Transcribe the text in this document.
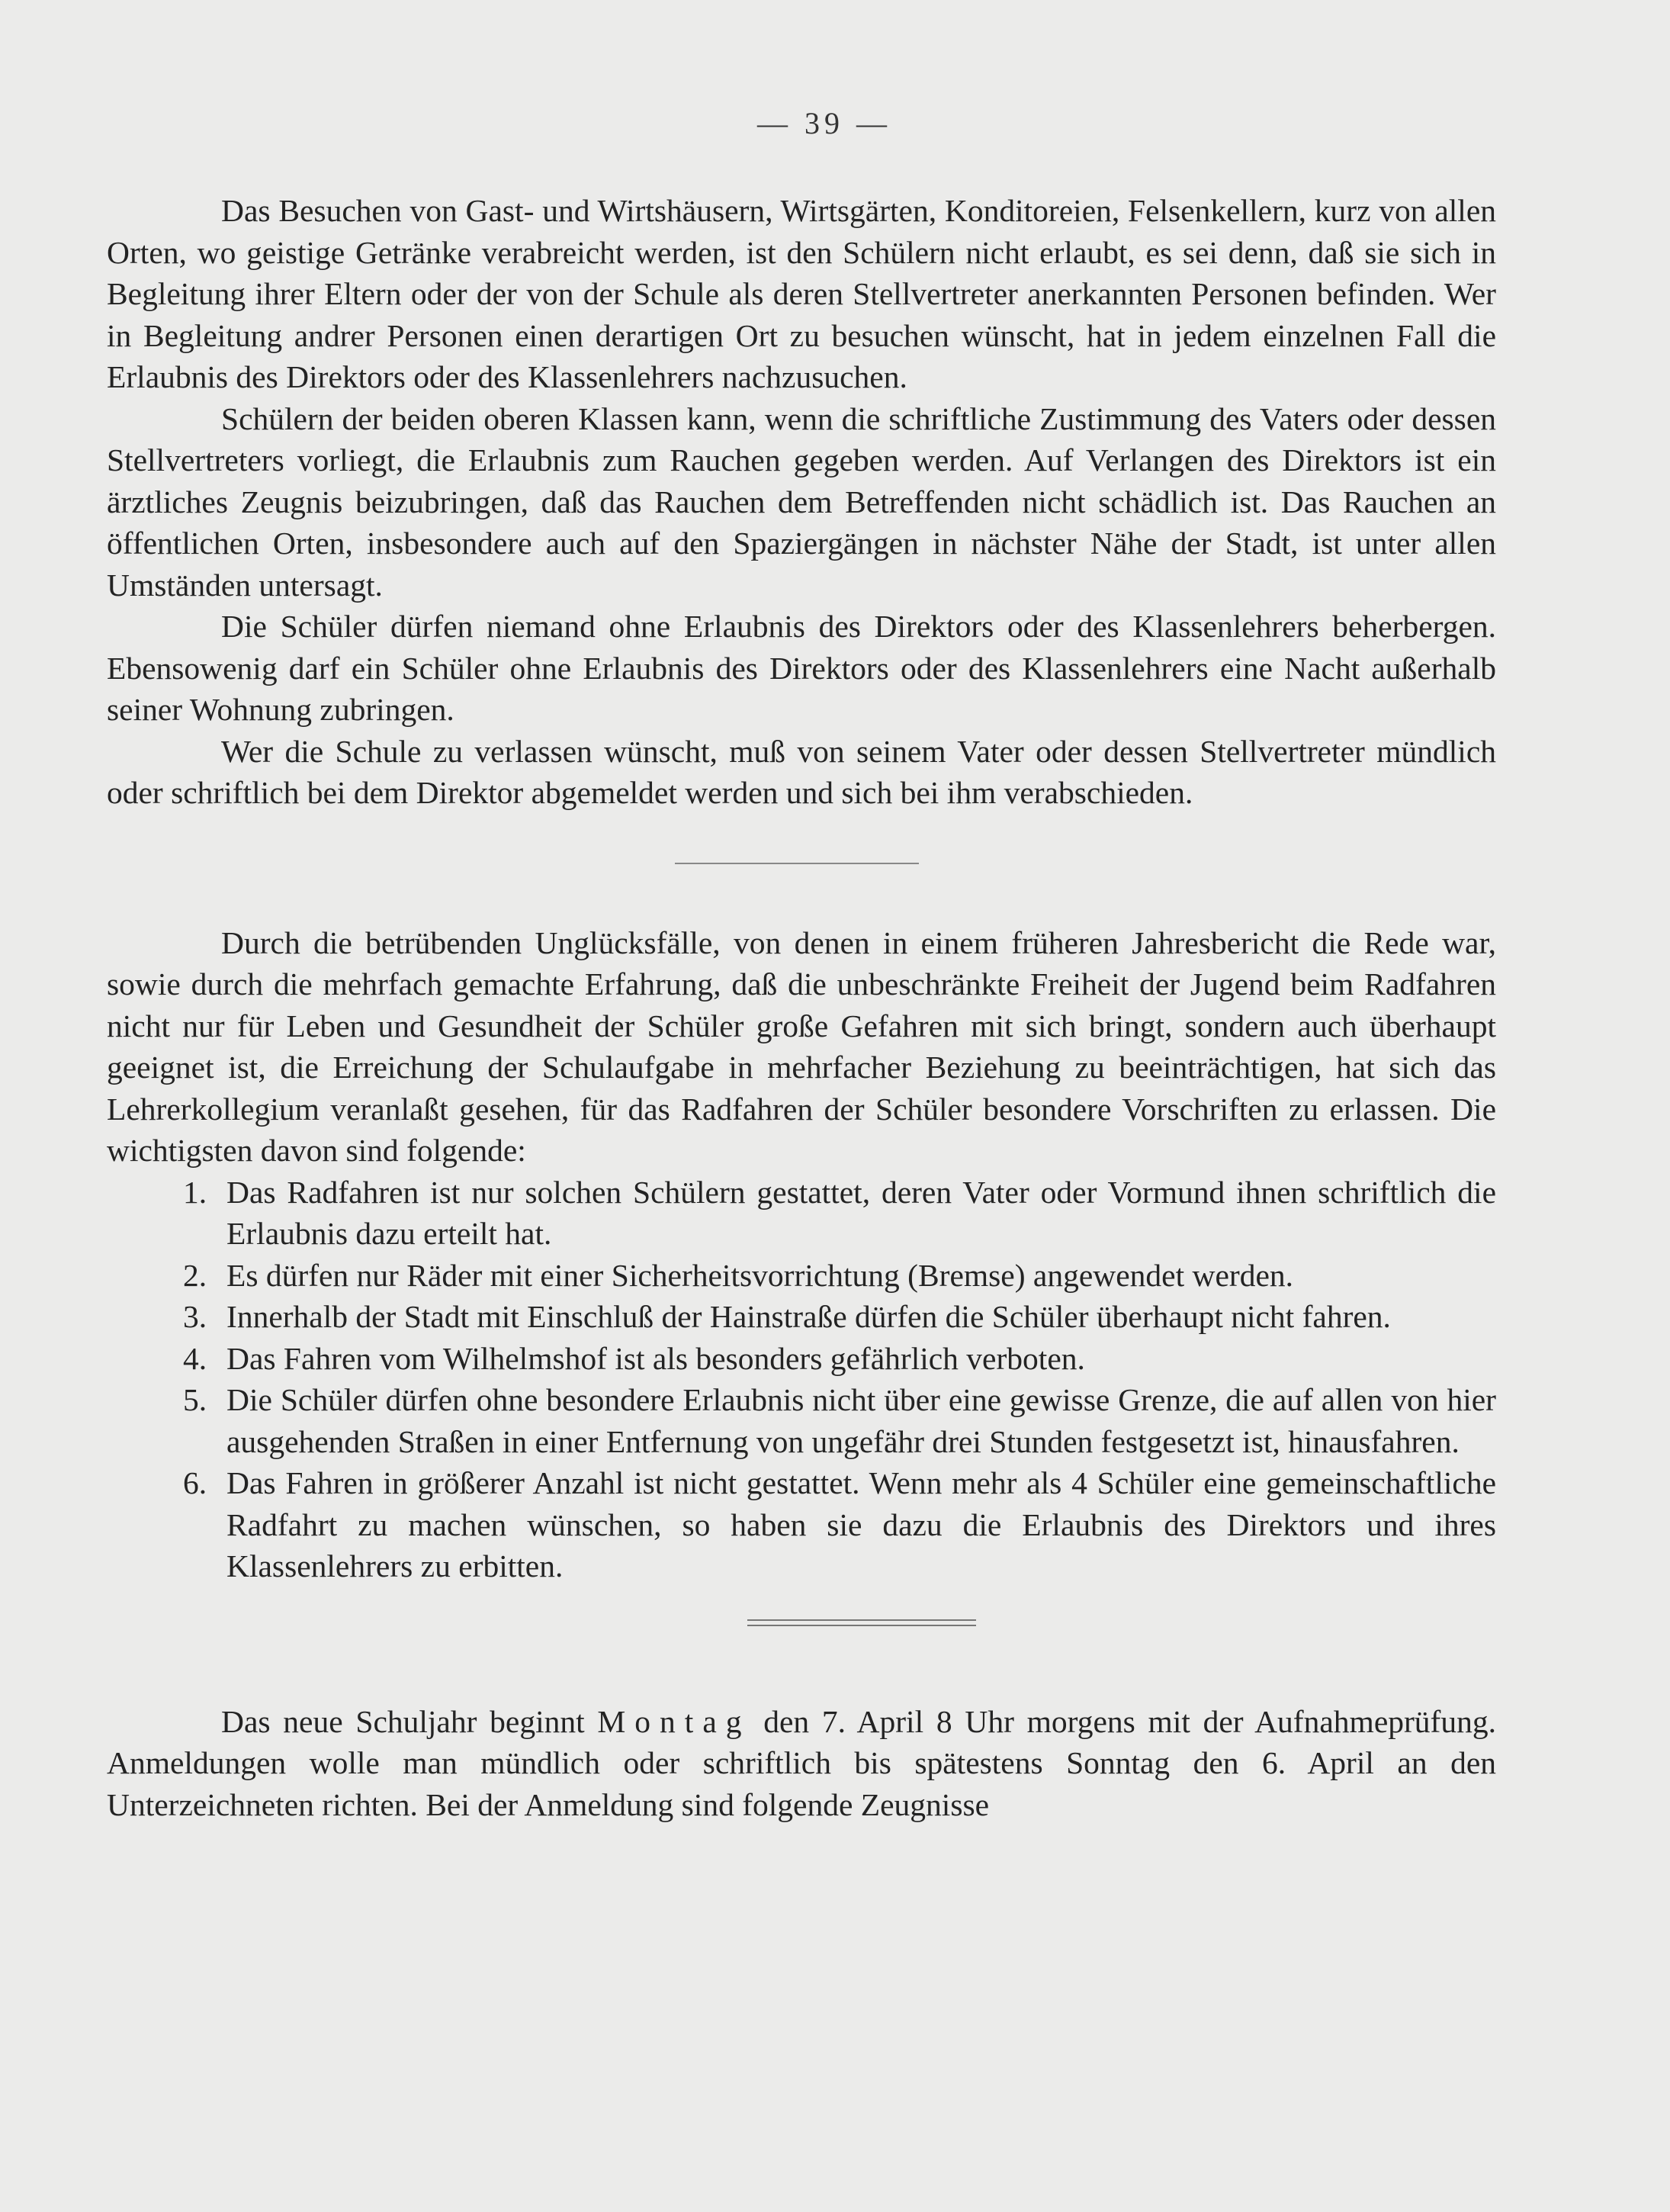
— 39 —

Das Besuchen von Gast- und Wirtshäusern, Wirtsgärten, Konditoreien, Felsenkellern, kurz von allen Orten, wo geistige Getränke verabreicht werden, ist den Schülern nicht erlaubt, es sei denn, daß sie sich in Begleitung ihrer Eltern oder der von der Schule als deren Stellvertreter anerkannten Personen befinden. Wer in Begleitung andrer Personen einen derartigen Ort zu besuchen wünscht, hat in jedem einzelnen Fall die Erlaubnis des Direktors oder des Klassenlehrers nachzusuchen.

Schülern der beiden oberen Klassen kann, wenn die schriftliche Zustimmung des Vaters oder dessen Stellvertreters vorliegt, die Erlaubnis zum Rauchen gegeben werden. Auf Verlangen des Direktors ist ein ärztliches Zeugnis beizubringen, daß das Rauchen dem Betreffenden nicht schädlich ist. Das Rauchen an öffentlichen Orten, insbesondere auch auf den Spaziergängen in nächster Nähe der Stadt, ist unter allen Umständen untersagt.

Die Schüler dürfen niemand ohne Erlaubnis des Direktors oder des Klassenlehrers beherbergen. Ebensowenig darf ein Schüler ohne Erlaubnis des Direktors oder des Klassenlehrers eine Nacht außerhalb seiner Wohnung zubringen.

Wer die Schule zu verlassen wünscht, muß von seinem Vater oder dessen Stellvertreter mündlich oder schriftlich bei dem Direktor abgemeldet werden und sich bei ihm verabschieden.

Durch die betrübenden Unglücksfälle, von denen in einem früheren Jahresbericht die Rede war, sowie durch die mehrfach gemachte Erfahrung, daß die unbeschränkte Freiheit der Jugend beim Radfahren nicht nur für Leben und Gesundheit der Schüler große Gefahren mit sich bringt, sondern auch überhaupt geeignet ist, die Erreichung der Schulaufgabe in mehrfacher Beziehung zu beeinträchtigen, hat sich das Lehrerkollegium veranlaßt gesehen, für das Radfahren der Schüler besondere Vorschriften zu erlassen. Die wichtigsten davon sind folgende:

1. Das Radfahren ist nur solchen Schülern gestattet, deren Vater oder Vormund ihnen schriftlich die Erlaubnis dazu erteilt hat.
2. Es dürfen nur Räder mit einer Sicherheitsvorrichtung (Bremse) angewendet werden.
3. Innerhalb der Stadt mit Einschluß der Hainstraße dürfen die Schüler überhaupt nicht fahren.
4. Das Fahren vom Wilhelmshof ist als besonders gefährlich verboten.
5. Die Schüler dürfen ohne besondere Erlaubnis nicht über eine gewisse Grenze, die auf allen von hier ausgehenden Straßen in einer Entfernung von ungefähr drei Stunden festgesetzt ist, hinausfahren.
6. Das Fahren in größerer Anzahl ist nicht gestattet. Wenn mehr als 4 Schüler eine gemeinschaftliche Radfahrt zu machen wünschen, so haben sie dazu die Erlaubnis des Direktors und ihres Klassenlehrers zu erbitten.

Das neue Schuljahr beginnt Montag den 7. April 8 Uhr morgens mit der Aufnahmeprüfung. Anmeldungen wolle man mündlich oder schriftlich bis spätestens Sonntag den 6. April an den Unterzeichneten richten. Bei der Anmeldung sind folgende Zeugnisse
